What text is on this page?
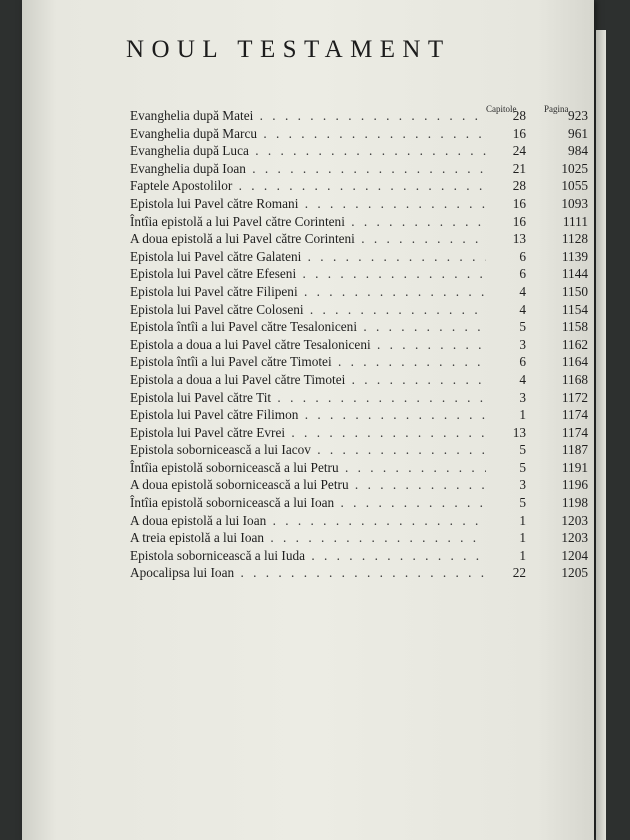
NOUL TESTAMENT
Capitole	Pagina
Evanghelia după Matei . . .	28	923
Evanghelia după Marcu . . .	16	961
Evanghelia după Luca . . .	24	984
Evanghelia după Ioan . . .	21	1025
Faptele Apostolilor . . .	28	1055
Epistola lui Pavel către Romani . . .	16	1093
Întîia epistolă a lui Pavel către Corinteni . . .	16	1111
A doua epistolă a lui Pavel către Corinteni . . .	13	1128
Epistola lui Pavel către Galateni . . .	6	1139
Epistola lui Pavel către Efeseni . . .	6	1144
Epistola lui Pavel către Filipeni . . .	4	1150
Epistola lui Pavel către Coloseni . . .	4	1154
Epistola întîi a lui Pavel către Tesaloniceni . . .	5	1158
Epistola a doua a lui Pavel către Tesaloniceni . . .	3	1162
Epistola întîi a lui Pavel către Timotei . . .	6	1164
Epistola a doua a lui Pavel către Timotei . . .	4	1168
Epistola lui Pavel către Tit . . .	3	1172
Epistola lui Pavel către Filimon . . .	1	1174
Epistola lui Pavel către Evrei . . .	13	1174
Epistola sobornicească a lui Iacov . . .	5	1187
Întîia epistolă sobornicească a lui Petru . . .	5	1191
A doua epistolă sobornicească a lui Petru . . .	3	1196
Întîia epistolă sobornicească a lui Ioan . . .	5	1198
A doua epistolă a lui Ioan . . .	1	1203
A treia epistolă a lui Ioan . . .	1	1203
Epistola sobornicească a lui Iuda . . .	1	1204
Apocalipsa lui Ioan . . .	22	1205
